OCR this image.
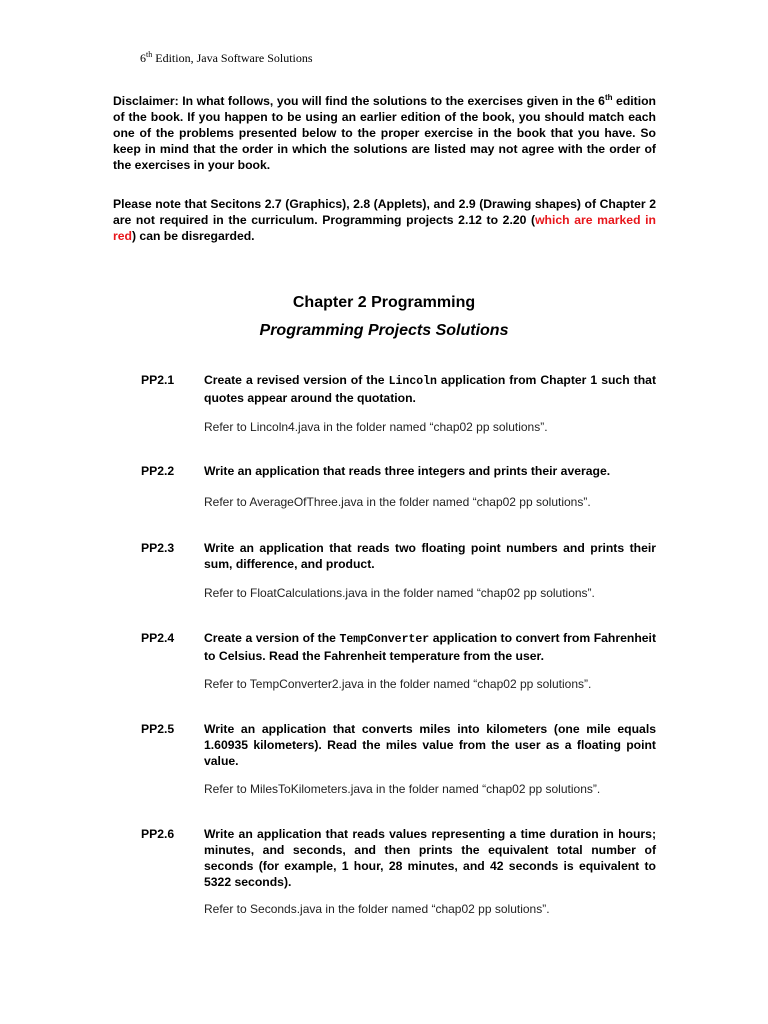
6th Edition, Java Software Solutions

Disclaimer: In what follows, you will find the solutions to the exercises given in the 6th edition of the book. If you happen to be using an earlier edition of the book, you should match each one of the problems presented below to the proper exercise in the book that you have. So keep in mind that the order in which the solutions are listed may not agree with the order of the exercises in your book.

Please note that Secitons 2.7 (Graphics), 2.8 (Applets), and 2.9 (Drawing shapes) of Chapter 2 are not required in the curriculum. Programming projects 2.12 to 2.20 (which are marked in red) can be disregarded.

Chapter 2 Programming
Programming Projects Solutions
PP2.1 Create a revised version of the Lincoln application from Chapter 1 such that quotes appear around the quotation.

Refer to Lincoln4.java in the folder named “chap02 pp solutions”.

PP2.2 Write an application that reads three integers and prints their average.

Refer to AverageOfThree.java in the folder named “chap02 pp solutions”.

PP2.3 Write an application that reads two floating point numbers and prints their sum, difference, and product.

Refer to FloatCalculations.java in the folder named “chap02 pp solutions”.

PP2.4 Create a version of the TempConverter application to convert from Fahrenheit to Celsius. Read the Fahrenheit temperature from the user.

Refer to TempConverter2.java in the folder named “chap02 pp solutions”.

PP2.5 Write an application that converts miles into kilometers (one mile equals 1.60935 kilometers). Read the miles value from the user as a floating point value.

Refer to MilesToKilometers.java in the folder named “chap02 pp solutions”.

PP2.6 Write an application that reads values representing a time duration in hours; minutes, and seconds, and then prints the equivalent total number of seconds (for example, 1 hour, 28 minutes, and 42 seconds is equivalent to 5322 seconds).

Refer to Seconds.java in the folder named “chap02 pp solutions”.
